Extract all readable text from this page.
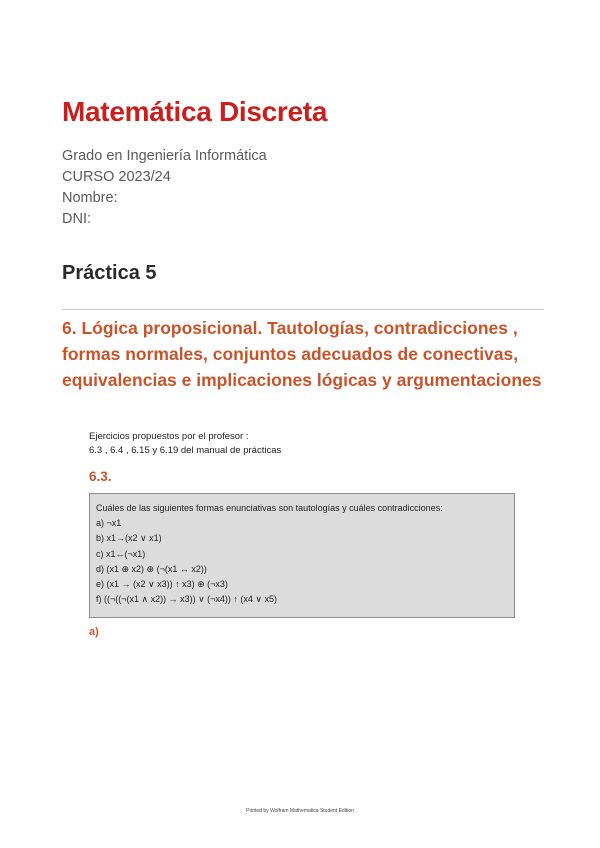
Matemática Discreta
Grado en Ingeniería Informática
CURSO 2023/24
Nombre:
DNI:
Práctica 5
6. Lógica proposicional. Tautologías, contradicciones , formas normales, conjuntos adecuados de conectivas, equivalencias e implicaciones lógicas y argumentaciones
Ejercicios propuestos por el profesor :
6.3 , 6.4 , 6.15 y 6.19 del manual de prácticas
6.3.
Cuáles de las siguientes formas enunciativas son tautologías y cuáles contradicciones:
a) ¬x1
b) x1→(x2 ∨ x1)
c) x1↔(¬x1)
d) (x1 ⊕ x2) ⊕ (¬(x1 ↔ x2))
e) (x1 → (x2 ∨ x3)) ↑ x3) ⊕ (¬x3)
f) ((¬((¬(x1 ∧ x2)) → x3)) ∨ (¬x4)) ↑ (x4 ∨ x5)
a)
Printed by Wolfram Mathematica Student Edition
